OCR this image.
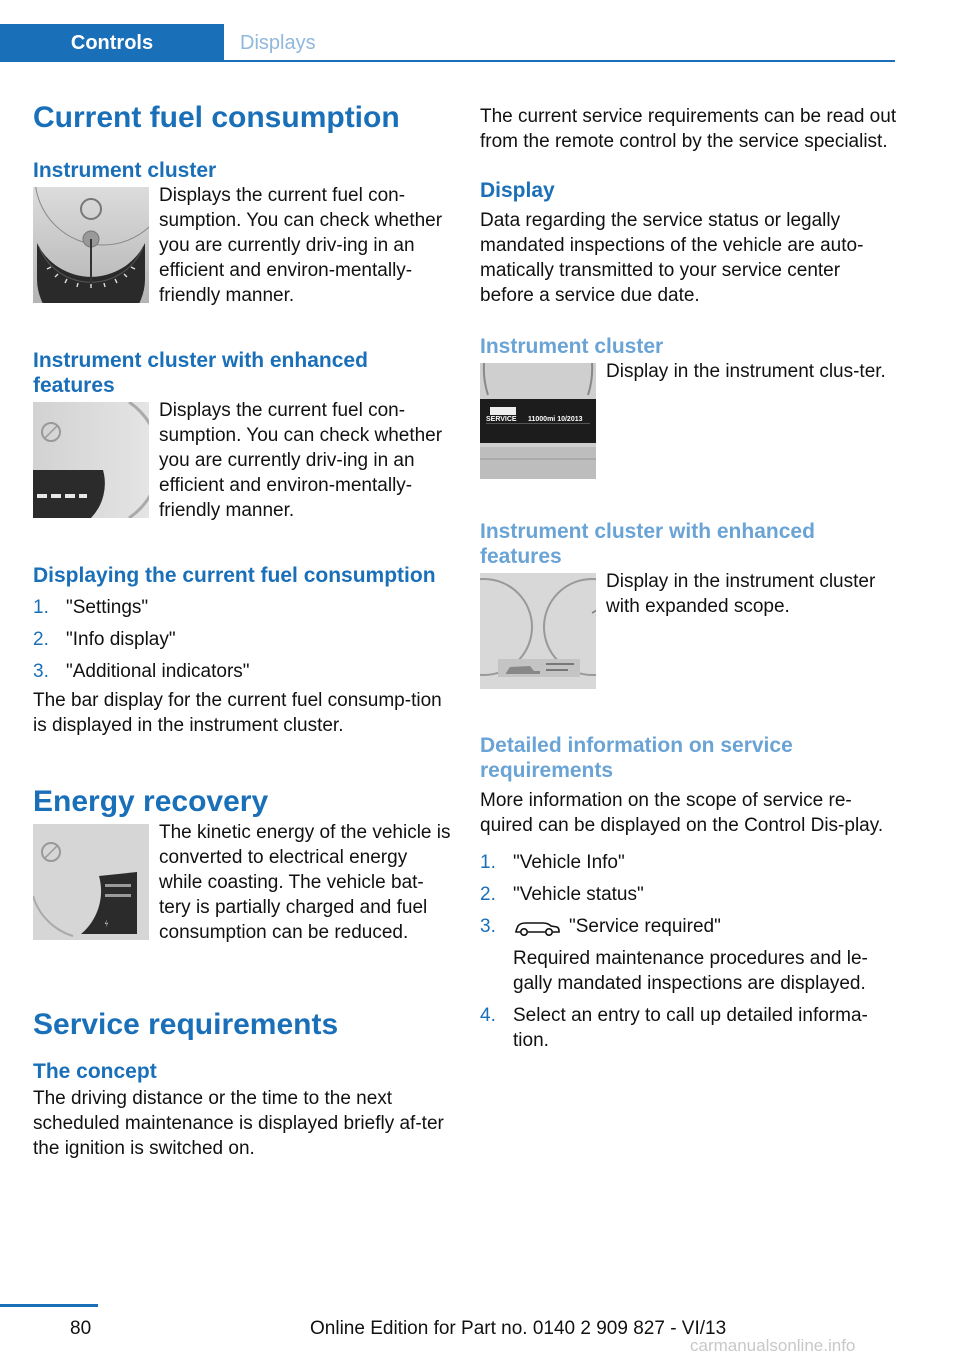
Controls	Displays
Current fuel consumption
Instrument cluster
Displays the current fuel con-sumption. You can check whether you are currently driv-ing in an efficient and environ-mentally-friendly manner.
Instrument cluster with enhanced features
Displays the current fuel con-sumption. You can check whether you are currently driv-ing in an efficient and environ-mentally-friendly manner.
Displaying the current fuel consumption
1. "Settings"
2. "Info display"
3. "Additional indicators"

The bar display for the current fuel consump-tion is displayed in the instrument cluster.

Energy recovery
⚡︎
The kinetic energy of the vehicle is converted to electrical energy while coasting. The vehicle bat-tery is partially charged and fuel consumption can be reduced.
Service requirements
The concept

The driving distance or the time to the next scheduled maintenance is displayed briefly af-ter the ignition is switched on.

The current service requirements can be read out from the remote control by the service specialist.

Display

Data regarding the service status or legally mandated inspections of the vehicle are auto-matically transmitted to your service center before a service due date.

Instrument cluster
SERVICE 11000mi 10/2013
Display in the instrument clus-ter.
Instrument cluster with enhanced features
Display in the instrument cluster with expanded scope.
Detailed information on service requirements

More information on the scope of service re-quired can be displayed on the Control Dis-play.

1. "Vehicle Info"
2. "Vehicle status"
3.	"Service required"
Required maintenance procedures and le-gally mandated inspections are displayed.
4. Select an entry to call up detailed informa-tion.
80	Online Edition for Part no. 0140 2 909 827 - VI/13
carmanualsonline.info
